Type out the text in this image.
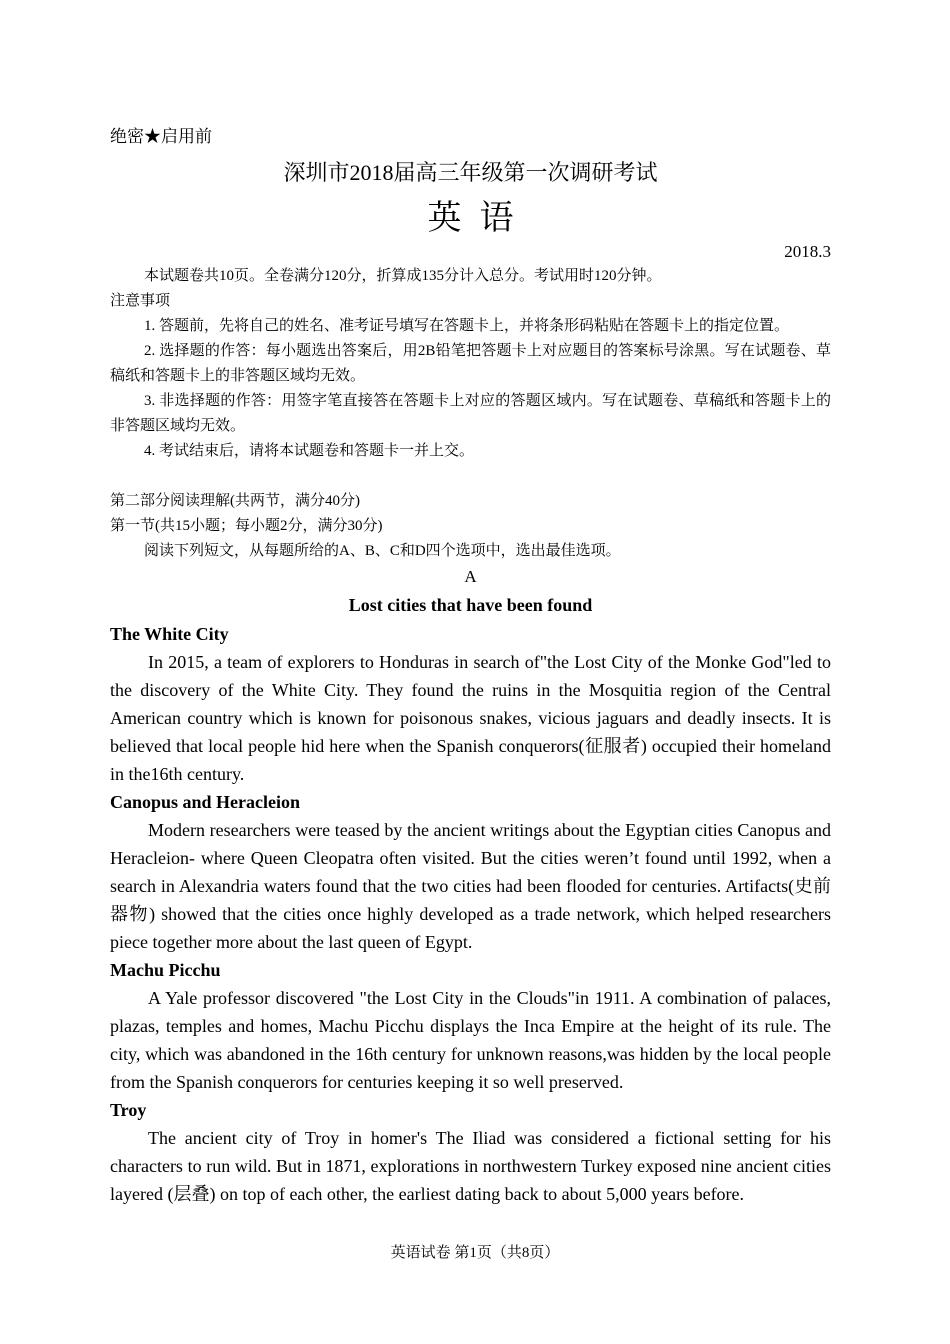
绝密★启用前
深圳市2018届高三年级第一次调研考试
英语
2018.3
本试题卷共10页。全卷满分120分，折算成135分计入总分。考试用时120分钟。
注意事项
1. 答题前，先将自己的姓名、准考证号填写在答题卡上，并将条形码粘贴在答题卡上的指定位置。
2. 选择题的作答：每小题选出答案后，用2B铅笔把答题卡上对应题目的答案标号涂黑。写在试题卷、草稿纸和答题卡上的非答题区域均无效。
3. 非选择题的作答：用签字笔直接答在答题卡上对应的答题区域内。写在试题卷、草稿纸和答题卡上的非答题区域均无效。
4. 考试结束后，请将本试题卷和答题卡一并上交。
第二部分阅读理解(共两节，满分40分)
第一节(共15小题；每小题2分，满分30分)
阅读下列短文，从每题所给的A、B、C和D四个选项中，选出最佳选项。
A
Lost cities that have been found
The White City

In 2015, a team of explorers to Honduras in search of"the Lost City of the Monke God"led to the discovery of the White City. They found the ruins in the Mosquitia region of the Central American country which is known for poisonous snakes, vicious jaguars and deadly insects. It is believed that local people hid here when the Spanish conquerors(征服者) occupied their homeland in the16th century.

Canopus and Heracleion

Modern researchers were teased by the ancient writings about the Egyptian cities Canopus and Heracleion- where Queen Cleopatra often visited. But the cities weren’t found until 1992, when a search in Alexandria waters found that the two cities had been flooded for centuries. Artifacts(史前器物) showed that the cities once highly developed as a trade network, which helped researchers piece together more about the last queen of Egypt.

Machu Picchu

A Yale professor discovered "the Lost City in the Clouds"in 1911. A combination of palaces, plazas, temples and homes, Machu Picchu displays the Inca Empire at the height of its rule. The city, which was abandoned in the 16th century for unknown reasons,was hidden by the local people from the Spanish conquerors for centuries keeping it so well preserved.

Troy

The ancient city of Troy in homer's The Iliad was considered a fictional setting for his characters to run wild. But in 1871, explorations in northwestern Turkey exposed nine ancient cities layered (层叠) on top of each other, the earliest dating back to about 5,000 years before.

英语试卷 第1页（共8页）
